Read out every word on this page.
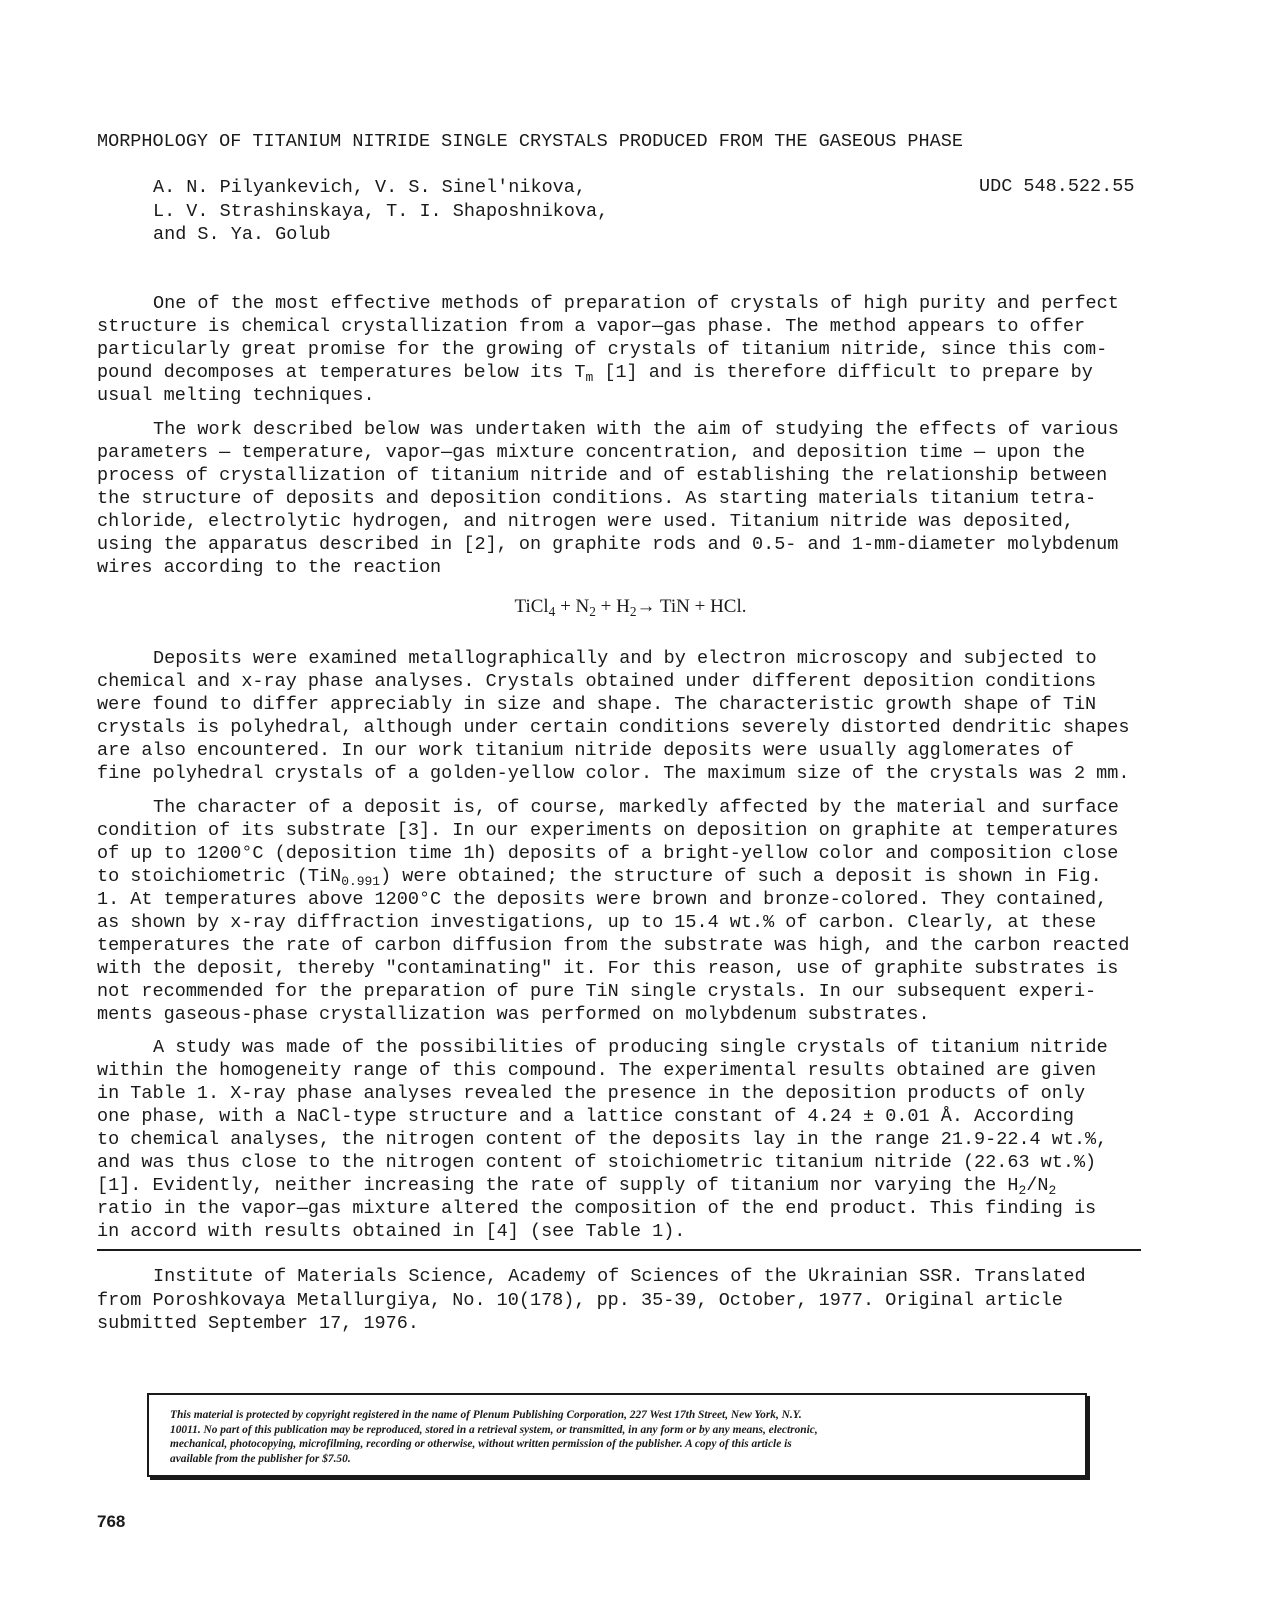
MORPHOLOGY OF TITANIUM NITRIDE SINGLE CRYSTALS PRODUCED FROM THE GASEOUS PHASE
A. N. Pilyankevich, V. S. Sinel'nikova,
L. V. Strashinskaya, T. I. Shaposhnikova,
and S. Ya. Golub
UDC 548.522.55
One of the most effective methods of preparation of crystals of high purity and perfect
structure is chemical crystallization from a vapor—gas phase. The method appears to offer
particularly great promise for the growing of crystals of titanium nitride, since this com-
pound decomposes at temperatures below its $T_m$ [1] and is therefore difficult to prepare by
usual melting techniques.
The work described below was undertaken with the aim of studying the effects of various
parameters — temperature, vapor—gas mixture concentration, and deposition time — upon the
process of crystallization of titanium nitride and of establishing the relationship between
the structure of deposits and deposition conditions. As starting materials titanium tetra-
chloride, electrolytic hydrogen, and nitrogen were used. Titanium nitride was deposited,
using the apparatus described in [2], on graphite rods and 0.5- and 1-mm-diameter molybdenum
wires according to the reaction
TiCl$_4$ + $N_2 + H_2\to$ TiN + HCl.
Deposits were examined metallographically and by electron microscopy and subjected to
chemical and x-ray phase analyses. Crystals obtained under different deposition conditions
were found to differ appreciably in size and shape. The characteristic growth shape of TiN
crystals is polyhedral, although under certain conditions severely distorted dendritic shapes
are also encountered. In our work titanium nitride deposits were usually agglomerates of
fine polyhedral crystals of a golden-yellow color. The maximum size of the crystals was 2 mm.
The character of a deposit is, of course, markedly affected by the material and surface
condition of its substrate [3]. In our experiments on deposition on graphite at temperatures
of up to 1200°C (deposition time 1h) deposits of a bright-yellow color and composition close
to stoichiometric (TiN$_{0.991}$) were obtained; the structure of such a deposit is shown in Fig.
1. At temperatures above 1200°C the deposits were brown and bronze-colored. They contained,
as shown by x-ray diffraction investigations, up to 15.4 wt.% of carbon. Clearly, at these
temperatures the rate of carbon diffusion from the substrate was high, and the carbon reacted
with the deposit, thereby "contaminating" it. For this reason, use of graphite substrates is
not recommended for the preparation of pure TiN single crystals. In our subsequent experi-
ments gaseous-phase crystallization was performed on molybdenum substrates.
A study was made of the possibilities of producing single crystals of titanium nitride
within the homogeneity range of this compound. The experimental results obtained are given
in Table 1. X-ray phase analyses revealed the presence in the deposition products of only
one phase, with a NaCl-type structure and a lattice constant of 4.24 ± 0.01 Å. According
to chemical analyses, the nitrogen content of the deposits lay in the range 21.9-22.4 wt.%,
and was thus close to the nitrogen content of stoichiometric titanium nitride (22.63 wt.%)
[1]. Evidently, neither increasing the rate of supply of titanium nor varying the $H_2/N_2$
ratio in the vapor—gas mixture altered the composition of the end product. This finding is
in accord with results obtained in [4] (see Table 1).
Institute of Materials Science, Academy of Sciences of the Ukrainian SSR. Translated
from Poroshkovaya Metallurgiya, No. 10(178), pp. 35-39, October, 1977. Original article
submitted September 17, 1976.
This material is protected by copyright registered in the name of Plenum Publishing Corporation, 227 West 17th Street, New York, N.Y.
10011. No part of this publication may be reproduced, stored in a retrieval system, or transmitted, in any form or by any means, electronic,
mechanical, photocopying, microfilming, recording or otherwise, without written permission of the publisher. A copy of this article is
available from the publisher for $7.50.
768
